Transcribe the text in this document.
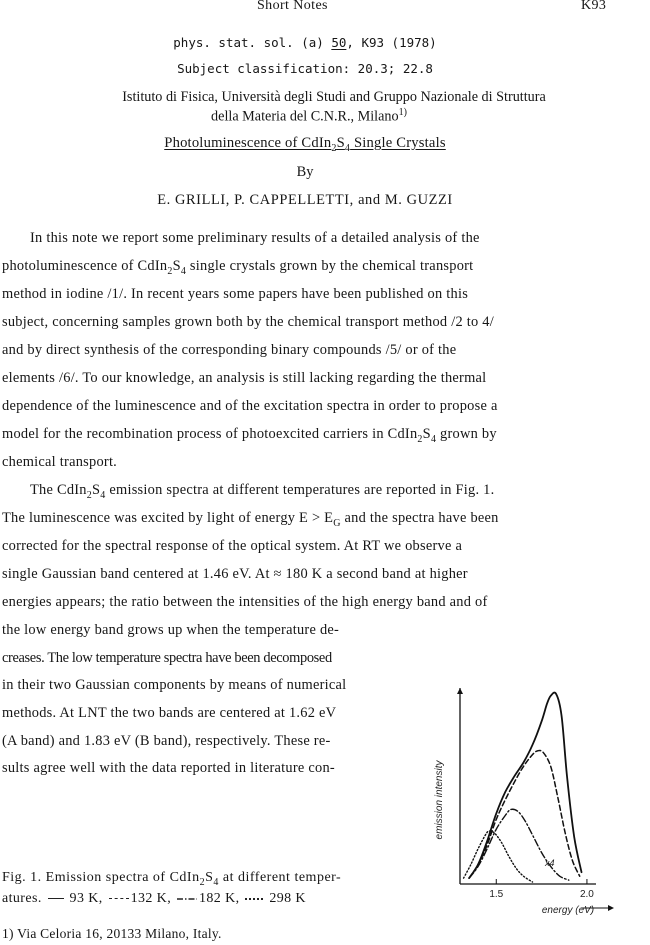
Short Notes	K93
phys. stat. sol. (a) 50, K93 (1978)
Subject classification: 20.3; 22.8
Istituto di Fisica, Università degli Studi and Gruppo Nazionale di Struttura
della Materia del C.N.R., Milano$^{1)}$
Photoluminescence of $CdIn_2S_4$ Single Crystals
By
E. GRILLI, P. CAPPELLETTI, and M. GUZZI
In this note we report some preliminary results of a detailed analysis of the
photoluminescence of $CdIn_2S_4$ single crystals grown by the chemical transport
method in iodine /1/. In recent years some papers have been published on this
subject, concerning samples grown both by the chemical transport method /2 to 4/
and by direct synthesis of the corresponding binary compounds /5/ or of the
elements /6/. To our knowledge, an analysis is still lacking regarding the thermal
dependence of the luminescence and of the excitation spectra in order to propose a
model for the recombination process of photoexcited carriers in $CdIn_2S_4$ grown by
chemical transport.
The $CdIn_2S_4$ emission spectra at different temperatures are reported in Fig. 1.
The luminescence was excited by light of energy $E > E_G$ and the spectra have been
corrected for the spectral response of the optical system. At RT we observe a
single Gaussian band centered at 1.46 eV. At ≈ 180 K a second band at higher
energies appears; the ratio between the intensities of the high energy band and of
the low energy band grows up when the temperature de-
creases. The low temperature spectra have been decomposed
in their two Gaussian components by means of numerical
methods. At LNT the two bands are centered at 1.62 eV
(A band) and 1.83 eV (B band), respectively. These re-
sults agree well with the data reported in literature con-	emission intensity
1.5	2.0
energy (eV)
x4
Fig. 1. Emission spectra of $CdIn_2S_4$ at different temper-
atures.  93 K, 132 K, 182 K, 298 K
1) Via Celoria 16, 20133 Milano, Italy.
